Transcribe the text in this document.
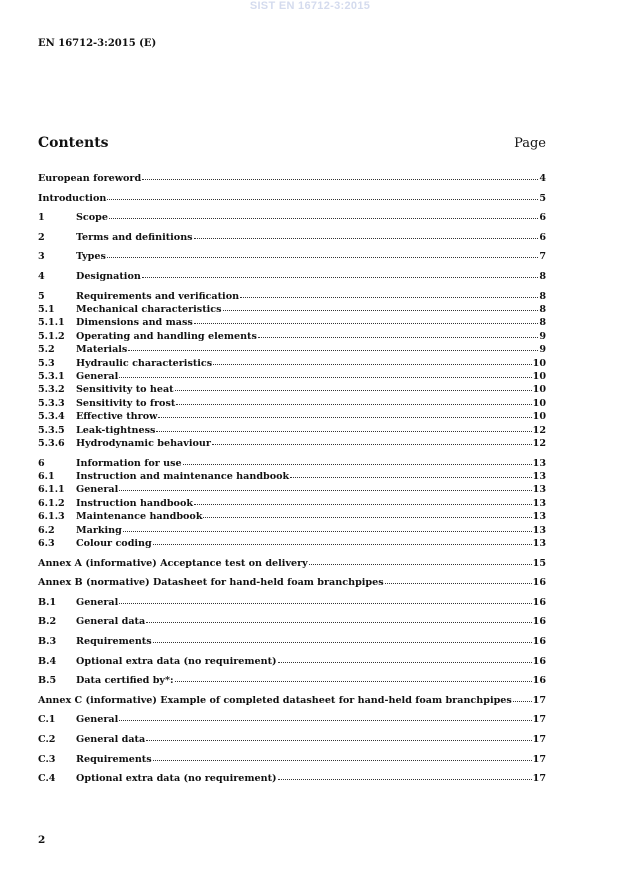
SIST EN 16712-3:2015
EN 16712-3:2015 (E)
Contents	Page
European foreword	4
Introduction	5
1	Scope	6
2	Terms and definitions	6
3	Types	7
4	Designation	8
5	Requirements and verification	8
5.1	Mechanical characteristics	8
5.1.1	Dimensions and mass	8
5.1.2	Operating and handling elements	9
5.2	Materials	9
5.3	Hydraulic characteristics	10
5.3.1	General	10
5.3.2	Sensitivity to heat	10
5.3.3	Sensitivity to frost	10
5.3.4	Effective throw	10
5.3.5	Leak-tightness	12
5.3.6	Hydrodynamic behaviour	12
6	Information for use	13
6.1	Instruction and maintenance handbook	13
6.1.1	General	13
6.1.2	Instruction handbook	13
6.1.3	Maintenance handbook	13
6.2	Marking	13
6.3	Colour coding	13
Annex A (informative) Acceptance test on delivery	15
Annex B (normative) Datasheet for hand-held foam branchpipes	16
B.1	General	16
B.2	General data	16
B.3	Requirements	16
B.4	Optional extra data (no requirement)	16
B.5	Data certified by*:	16
Annex C (informative) Example of completed datasheet for hand-held foam branchpipes 17
C.1	General	17
C.2	General data	17
C.3	Requirements	17
C.4	Optional extra data (no requirement)	17
2
